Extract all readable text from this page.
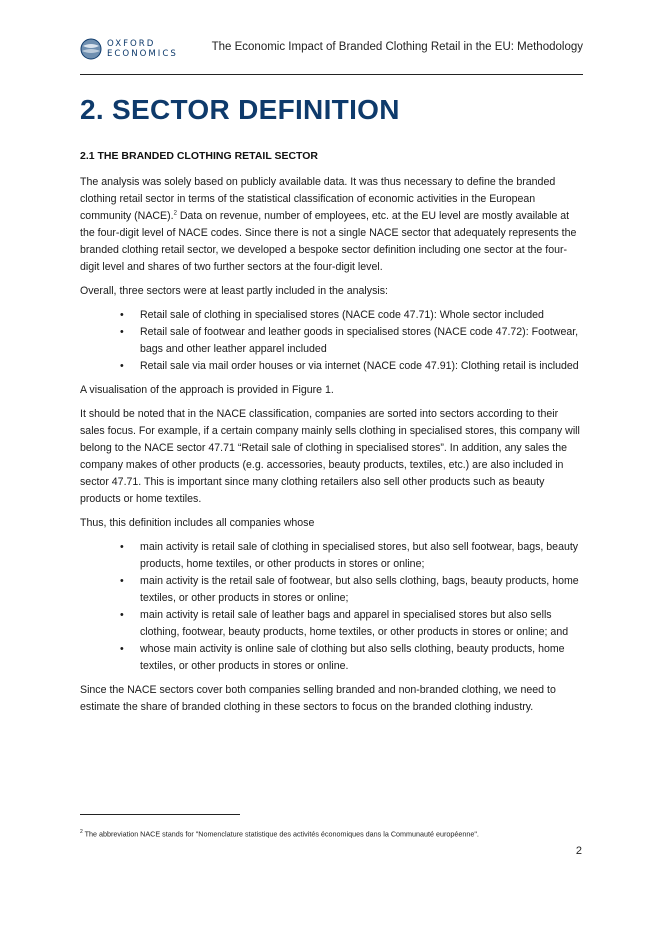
OXFORD
ECONOMICS
The Economic Impact of Branded Clothing Retail in the EU: Methodology
2. SECTOR DEFINITION
2.1 THE BRANDED CLOTHING RETAIL SECTOR

The analysis was solely based on publicly available data. It was thus necessary to define the branded clothing retail sector in terms of the statistical classification of economic activities in the European community (NACE).$^2$ Data on revenue, number of employees, etc. at the EU level are mostly available at the four-digit level of NACE codes. Since there is not a single NACE sector that adequately represents the branded clothing retail sector, we developed a bespoke sector definition including one sector at the four-digit level and shares of two further sectors at the four-digit level.

Overall, three sectors were at least partly included in the analysis:

• Retail sale of clothing in specialised stores (NACE code 47.71): Whole sector included
• Retail sale of footwear and leather goods in specialised stores (NACE code 47.72): Footwear, bags and other leather apparel included
• Retail sale via mail order houses or via internet (NACE code 47.91): Clothing retail is included

A visualisation of the approach is provided in Figure 1.

It should be noted that in the NACE classification, companies are sorted into sectors according to their sales focus. For example, if a certain company mainly sells clothing in specialised stores, this company will belong to the NACE sector 47.71 “Retail sale of clothing in specialised stores”. In addition, any sales the company makes of other products (e.g. accessories, beauty products, textiles, etc.) are also included in sector 47.71. This is important since many clothing retailers also sell other products such as beauty products or home textiles.

Thus, this definition includes all companies whose

• main activity is retail sale of clothing in specialised stores, but also sell footwear, bags, beauty products, home textiles, or other products in stores or online;
• main activity is the retail sale of footwear, but also sells clothing, bags, beauty products, home textiles, or other products in stores or online;
• main activity is retail sale of leather bags and apparel in specialised stores but also sells clothing, footwear, beauty products, home textiles, or other products in stores or online; and
• whose main activity is online sale of clothing but also sells clothing, beauty products, home textiles, or other products in stores or online.

Since the NACE sectors cover both companies selling branded and non-branded clothing, we need to estimate the share of branded clothing in these sectors to focus on the branded clothing industry.

$^2$ The abbreviation NACE stands for "Nomenclature statistique des activités économiques dans la Communauté européenne".
2
